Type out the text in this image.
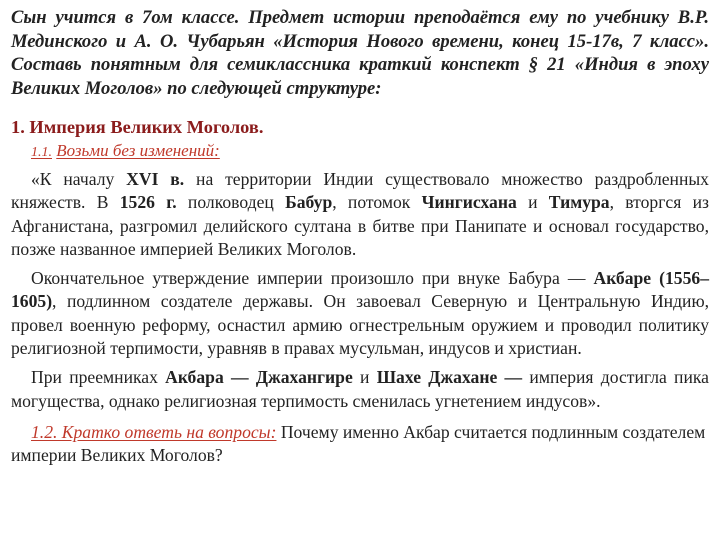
Сын учится в 7ом классе. Предмет истории преподаётся ему по учебнику В.Р. Мединского и А. О. Чубарьян «История Нового времени, конец 15-17в, 7 класс». Составь понятным для семиклассника краткий конспект § 21 «Индия в эпоху Великих Моголов» по следующей структуре:

1. Империя Великих Моголов.
1.1. Возьми без изменений:

«К началу XVI в. на территории Индии существовало множество раздробленных княжеств. В 1526 г. полководец Бабур, потомок Чингисхана и Тимура, вторгся из Афганистана, разгромил делийского султана в битве при Панипате и основал государство, позже названное империей Великих Моголов.

Окончательное утверждение империи произошло при внуке Бабура — Акбаре (1556–1605), подлинном создателе державы. Он завоевал Северную и Центральную Индию, провел военную реформу, оснастил армию огнестрельным оружием и проводил политику религиозной терпимости, уравняв в правах мусульман, индусов и христиан.

При преемниках Акбара — Джахангире и Шахе Джахане — империя достигла пика могущества, однако религиозная терпимость сменилась угнетением индусов».

1.2. Кратко ответь на вопросы: Почему именно Акбар считается подлинным создателем империи Великих Моголов?
